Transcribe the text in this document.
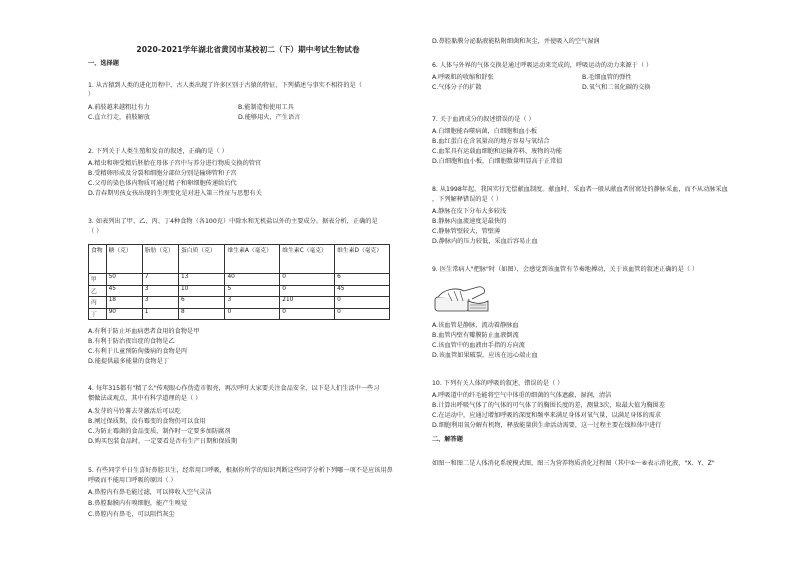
2020-2021学年湖北省黄冈市某校初二（下）期中考试生物试卷
一、选择题
1. 从古猿到人类的进化历程中，古人类出现了许多区别于古猿的特征，下列描述与事实不相符的是（
）
A.前肢越来越粗壮有力	B.能制造和使用工具
C.直立行走，前肢解放	D.能够用火，产生语言
2. 下列关于人类生殖和发育的叙述，正确的是（ ）
A.精虫和卵受精后胚胎在母体子宫中与养分进行物质交换的管官
B.受精卵形成及分裂和细胞分部位分别是输卵管和子宫
C.父母的染色体内物质可通过精子和卵细胞传递给后代
D.青春期男孩女孩出现的生理变化是对进入第三性征与思想有关
3. 如表列出了甲、乙、丙、丁4种食物（各100克）中除水和无机盐以外的主要成分。据表分析，正确的是
（ ）
食物	糖（克）	脂肪（克）	蛋白质（克）	维生素A（毫克）	维生素C（毫克）	维生素D（毫克）
甲	50	7	13	40	0	6
乙	45	3	10	5	0	45
丙	18	3	6	3	210	0
丁	90	1	8	0	0	0
A.有利于防止坏血病患者食用的食物是甲
B.有利于防治夜盲症的食物是乙
C.有利于儿童预防佝偻病的食物是丙
D.能提供最多能量的食物是丁
4. 每年315都有"精了么"传观眼心作伪造市假亮，再次呼吁大家要关注食品安全，以下是人们生活中一些习
惯做法或观点，其中有科学道理的是（ ）
A.发芽的马铃薯去芽激活后可以吃
B.闸过保质期，没有霉变的食物仍可以食用
C.为防止霉菌的食品变质，制作时一定要多加防腐剂
D.购买包装食品时，一定要看是否有生产日期和保质期
5. 有些同学平日生喜好鼻腔卫生，经常用口呼吸，根据你所学的知识判断这些同学分析下列哪一项不是应该用鼻
呼吸而不能用口呼吸的原因（ ）
A.鼻腔内有鼻毛能过滤，可以抑收入空气灵洁
B.鼻腔黏膜内有嗅细胞，能产生嗅觉
C.鼻腔内有鼻毛，可以阻挡灰尘
D.鼻腔黏膜分泌黏液能粘附细菌和灰尘，并使吸入的空气湿润
6. 人体与外界的气体交换是通过呼吸运动来完成的，呼吸运动的动力来源于（ ）
A.呼吸肌的收缩和舒张	B.毛细血管的弹性
C.气体分子的扩散	D.氧气和二氧化碳的交换
7. 关于血液成分的叙述错误的是（ ）
A.白细胞能吞噬病菌，白细胞和血小板
B.血红蛋白在含氧量高的地方容易与氧结合
C.血浆具有运载血细胞和运输养料、废物的功能
D.白细胞和血小板，白细胞数量明显高于正常值
8. 从1998年起，我国实行无偿献血制度。献血时，采血者一般从献血者肘窝处的静脉采血，而不从动脉采血
，下列解释错误的是（ ）
A.静脉在皮下分布大多较浅
B.静脉内血流速度是最快的
C.静脉管壁较大，管壁薄
D.静脉内的压力较低，采血后容易止血
9. 医生常病人"把脉"时（如图），会感觉到该血管有节奏地搏动，关于该血管的叙述正确的是（ ）
A.该血管是静脉，流动着静脉血
B.血管内壁有瓣膜防止血液倒流
C.该血管中的血液由手指的方向流
D.该血管如果破裂，应该在远心端止血
10. 下列有关人体的呼吸的叙述，错误的是（ ）
A.呼吸道中的纤毛能将空气中体重的细菌的气体遮蔽，湿润，清洁
B.计算出呼吸气体了的气体的可气体了的胸围长度的差，测量3次，取最大值为胸围差
C.在运动中，应通过增加呼吸的深度和频率来满足身体对氧气量，以满足身体的需求
D.细胞利用氧分解有机物，释放能量供生命活动需要，这一过程主要在线粒体中进行
二、解答题
如图一和图二是人体消化系统模式图，图三为营养物质消化过程图（其中①～⑥表示消化液，"X、Y、Z"
